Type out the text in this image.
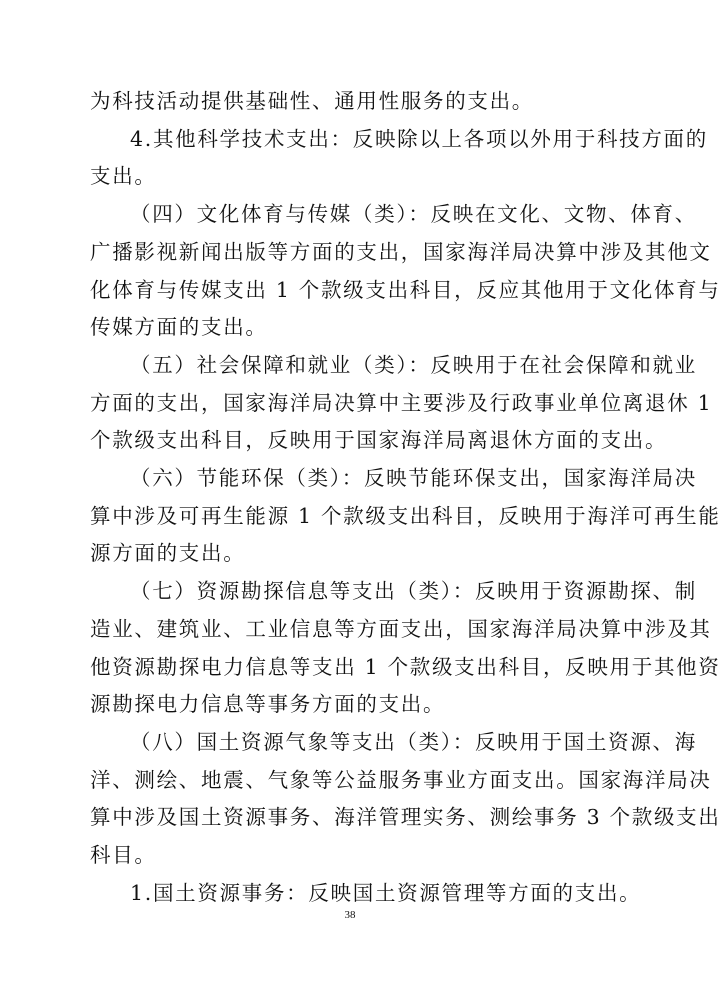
为科技活动提供基础性、通用性服务的支出。
4.其他科学技术支出：反映除以上各项以外用于科技方面的
支出。
（四）文化体育与传媒（类）：反映在文化、文物、体育、
广播影视新闻出版等方面的支出，国家海洋局决算中涉及其他文
化体育与传媒支出 1 个款级支出科目，反应其他用于文化体育与
传媒方面的支出。
（五）社会保障和就业（类）：反映用于在社会保障和就业
方面的支出，国家海洋局决算中主要涉及行政事业单位离退休 1
个款级支出科目，反映用于国家海洋局离退休方面的支出。
（六）节能环保（类）：反映节能环保支出，国家海洋局决
算中涉及可再生能源 1 个款级支出科目，反映用于海洋可再生能
源方面的支出。
（七）资源勘探信息等支出（类）：反映用于资源勘探、制
造业、建筑业、工业信息等方面支出，国家海洋局决算中涉及其
他资源勘探电力信息等支出 1 个款级支出科目，反映用于其他资
源勘探电力信息等事务方面的支出。
（八）国土资源气象等支出（类）：反映用于国土资源、海
洋、测绘、地震、气象等公益服务事业方面支出。国家海洋局决
算中涉及国土资源事务、海洋管理实务、测绘事务 3 个款级支出
科目。
1.国土资源事务：反映国土资源管理等方面的支出。
38
